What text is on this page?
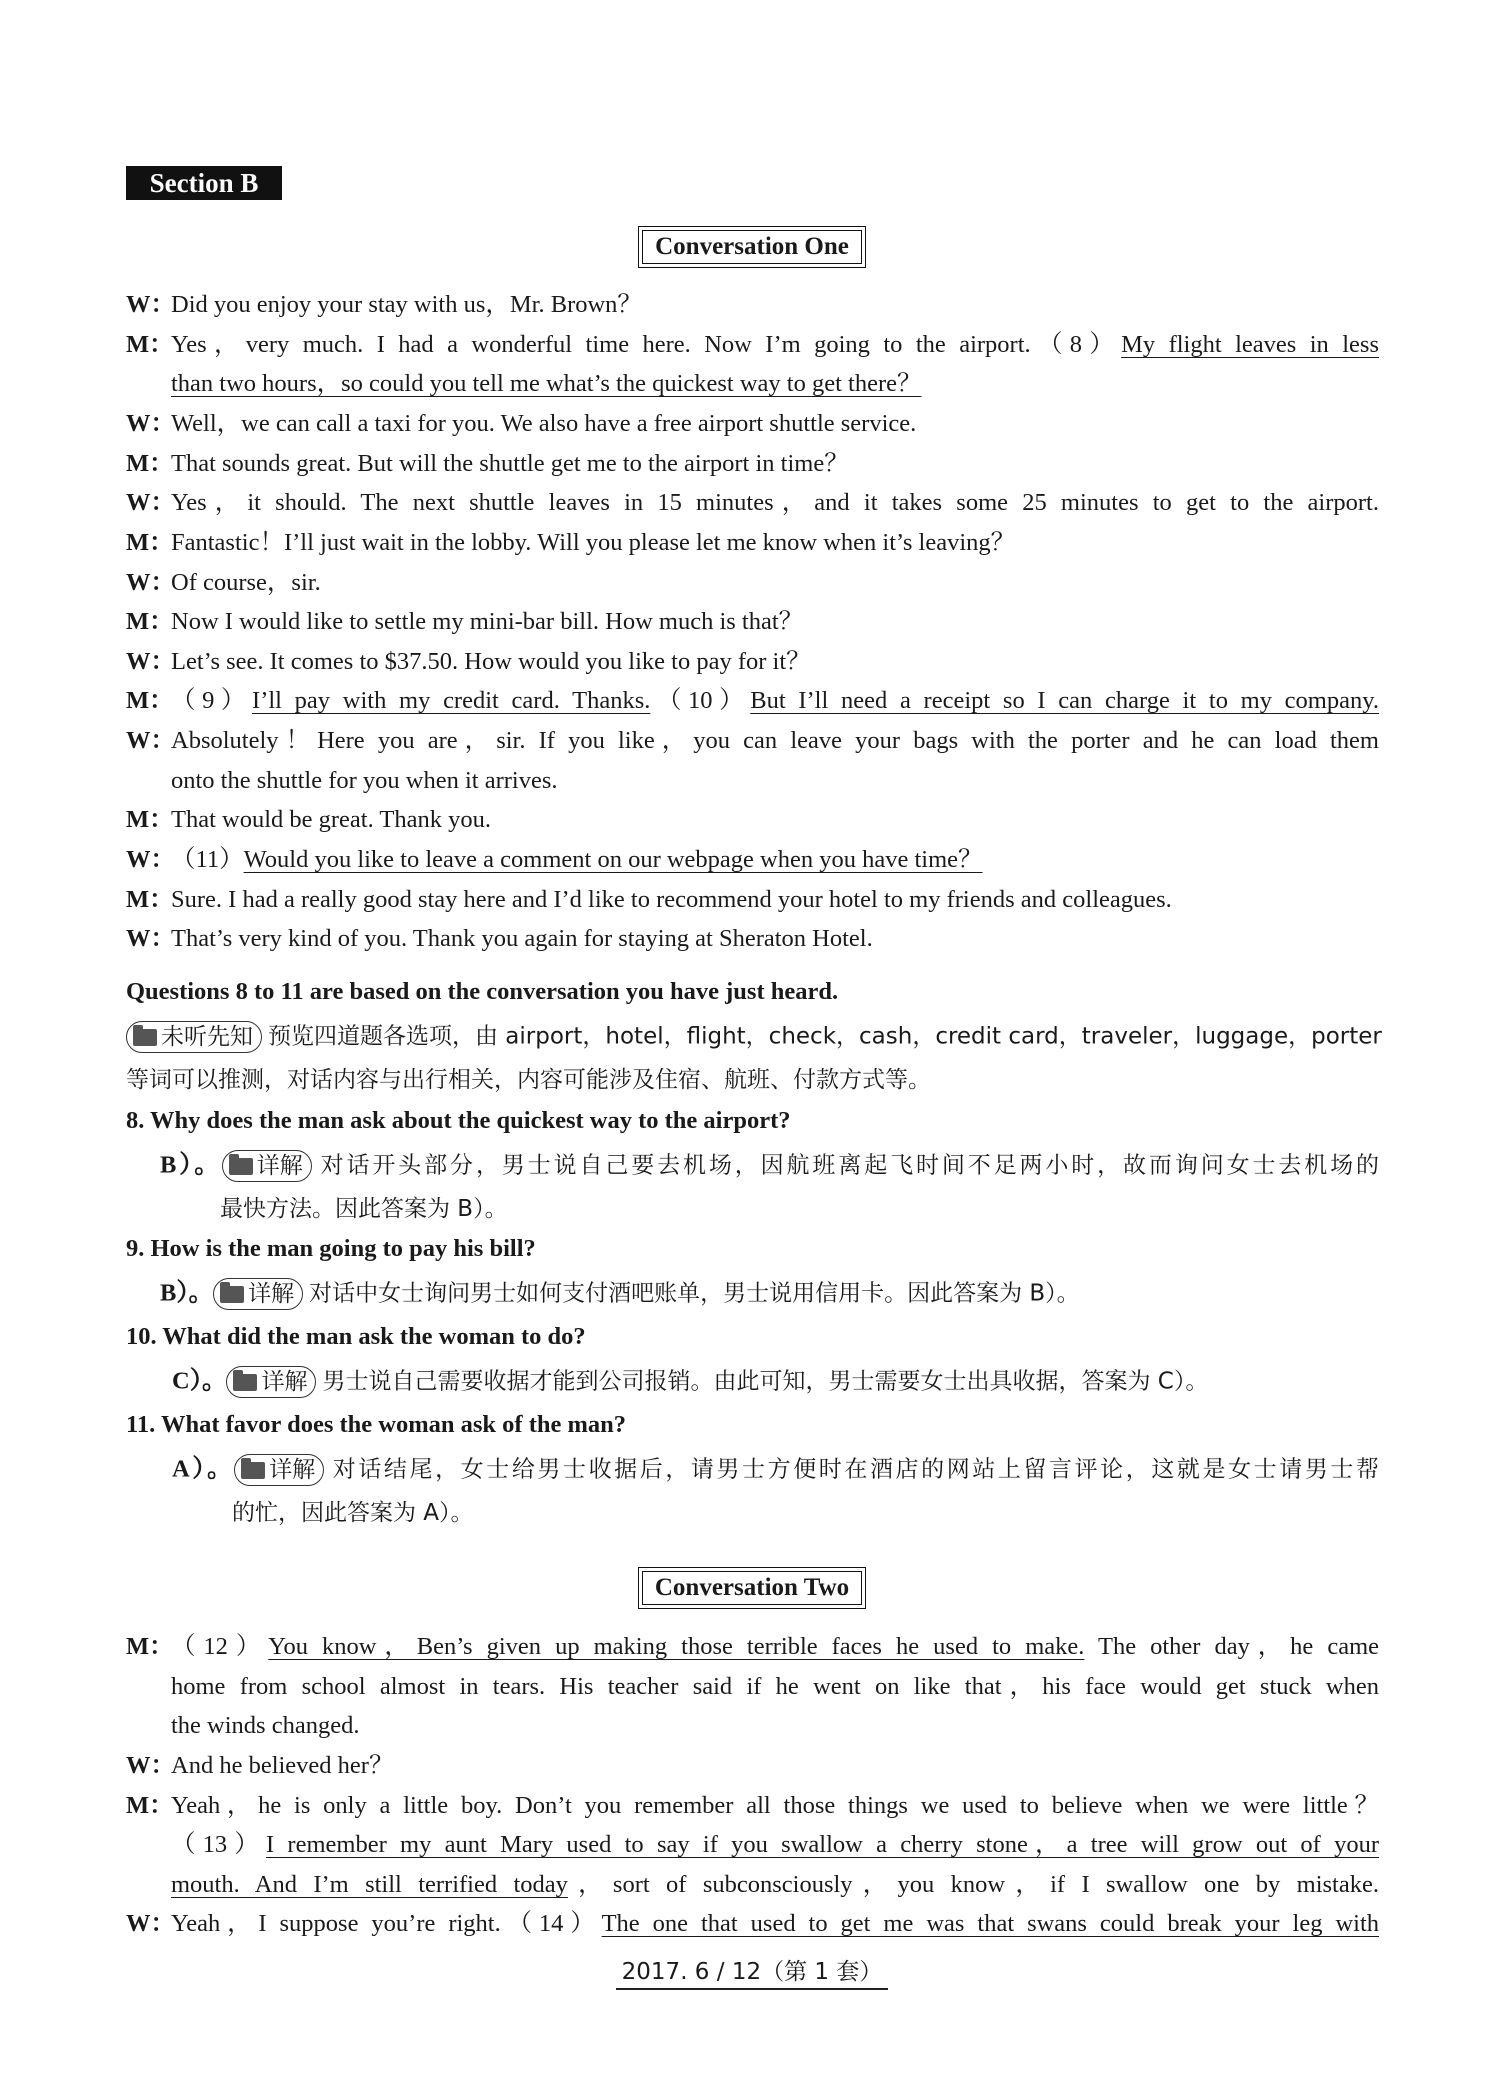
Section B
Conversation One
W：
Did you enjoy your stay with us，Mr. Brown？
M：
Yes，very much. I had a wonderful time here. Now I’m going to the airport.（8）My flight leaves in less
than two hours，so could you tell me what’s the quickest way to get there？
W：
Well，we can call a taxi for you. We also have a free airport shuttle service.
M：
That sounds great. But will the shuttle get me to the airport in time？
W：
Yes，it should. The next shuttle leaves in 15 minutes，and it takes some 25 minutes to get to the airport.
M：
Fantastic！I’ll just wait in the lobby. Will you please let me know when it’s leaving？
W：
Of course，sir.
M：
Now I would like to settle my mini-bar bill. How much is that？
W：
Let’s see. It comes to $37.50. How would you like to pay for it？
M：
（9）I’ll pay with my credit card. Thanks.（10）But I’ll need a receipt so I can charge it to my company.
W：
Absolutely！Here you are，sir. If you like，you can leave your bags with the porter and he can load them
onto the shuttle for you when it arrives.
M：
That would be great. Thank you.
W：
（11）Would you like to leave a comment on our webpage when you have time？
M：
Sure. I had a really good stay here and I’d like to recommend your hotel to my friends and colleagues.
W：
That’s very kind of you. Thank you again for staying at Sheraton Hotel.
Questions 8 to 11 are based on the conversation you have just heard.
未听先知 预览四道题各选项，由 airport，hotel，flight，check，cash，credit card，traveler，luggage，porter
等词可以推测，对话内容与出行相关，内容可能涉及住宿、航班、付款方式等。
8. Why does the man ask about the quickest way to the airport?
B）。 详解 对话开头部分，男士说自己要去机场，因航班离起飞时间不足两小时，故而询问女士去机场的
最快方法。因此答案为 B）。
9. How is the man going to pay his bill?
B）。 详解 对话中女士询问男士如何支付酒吧账单，男士说用信用卡。因此答案为 B）。
10. What did the man ask the woman to do?
C）。 详解 男士说自己需要收据才能到公司报销。由此可知，男士需要女士出具收据，答案为 C）。
11. What favor does the woman ask of the man?
A）。 详解 对话结尾，女士给男士收据后，请男士方便时在酒店的网站上留言评论，这就是女士请男士帮
的忙，因此答案为 A）。
Conversation Two
M：
（12）You know，Ben’s given up making those terrible faces he used to make. The other day，he came
home from school almost in tears. His teacher said if he went on like that，his face would get stuck when
the winds changed.
W：
And he believed her？
M：
Yeah，he is only a little boy. Don’t you remember all those things we used to believe when we were little？
（13）I remember my aunt Mary used to say if you swallow a cherry stone，a tree will grow out of your
mouth. And I’m still terrified today，sort of subconsciously，you know，if I swallow one by mistake.
W：
Yeah，I suppose you’re right.（14）The one that used to get me was that swans could break your leg with
2017. 6 / 12（第 1 套）
